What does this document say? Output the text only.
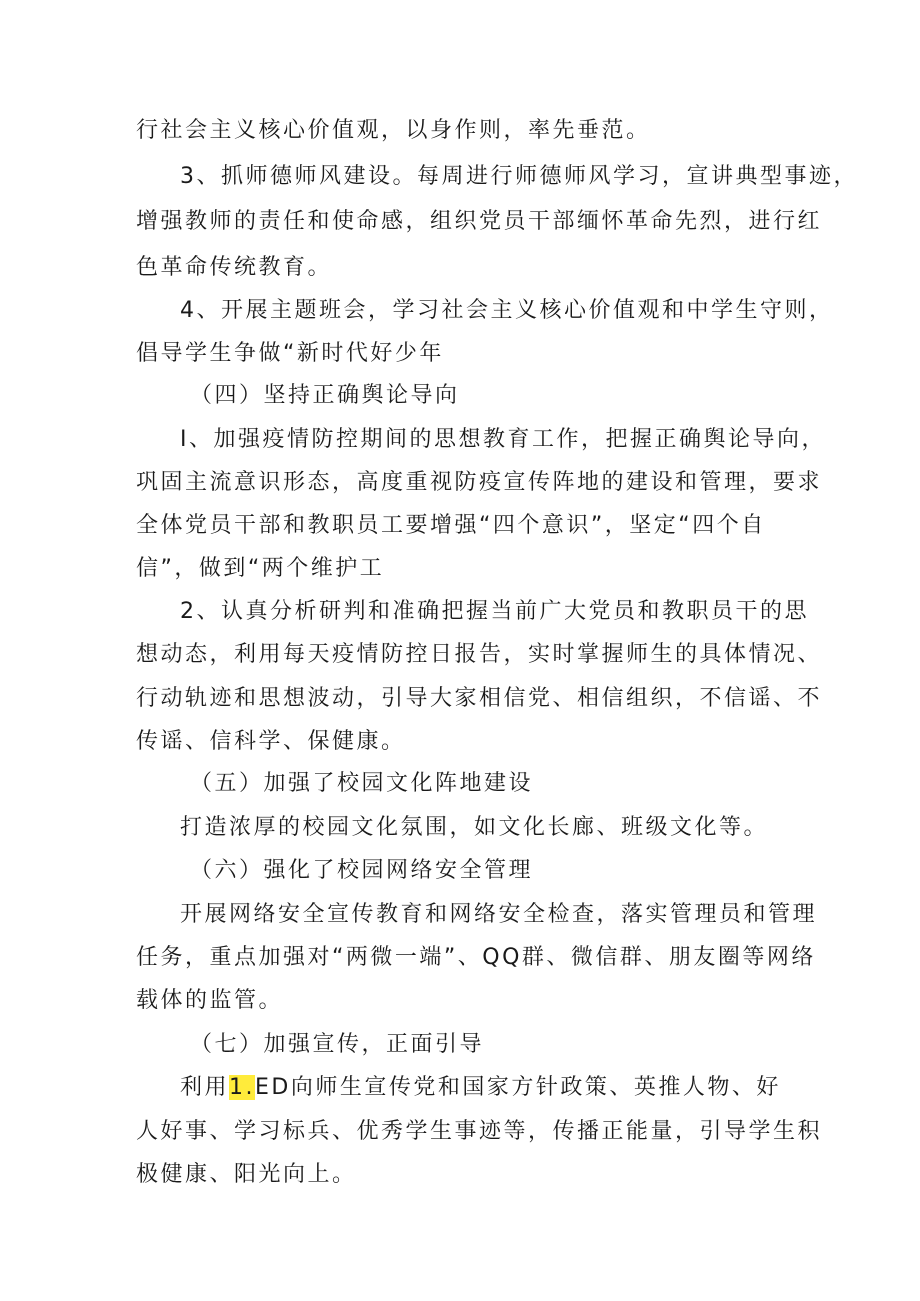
行社会主义核心价值观，以身作则，率先垂范。
3、抓师德师风建设。每周进行师德师风学习，宣讲典型事迹，
增强教师的责任和使命感，组织党员干部缅怀革命先烈，进行红
色革命传统教育。
4、开展主题班会，学习社会主义核心价值观和中学生守则，
倡导学生争做“新时代好少年
（四）坚持正确舆论导向
I、加强疫情防控期间的思想教育工作，把握正确舆论导向，
巩固主流意识形态，高度重视防疫宣传阵地的建设和管理，要求
全体党员干部和教职员工要增强“四个意识”，坚定“四个自
信”，做到“两个维护工
2、认真分析研判和准确把握当前广大党员和教职员干的思
想动态，利用每天疫情防控日报告，实时掌握师生的具体情况、
行动轨迹和思想波动，引导大家相信党、相信组织，不信谣、不
传谣、信科学、保健康。
（五）加强了校园文化阵地建设
打造浓厚的校园文化氛围，如文化长廊、班级文化等。
（六）强化了校园网络安全管理
开展网络安全宣传教育和网络安全检查，落实管理员和管理
任务，重点加强对“两微一端”、QQ群、微信群、朋友圈等网络
载体的监管。
（七）加强宣传，正面引导
利用1.ED向师生宣传党和国家方针政策、英推人物、好
人好事、学习标兵、优秀学生事迹等，传播正能量，引导学生积
极健康、阳光向上。
